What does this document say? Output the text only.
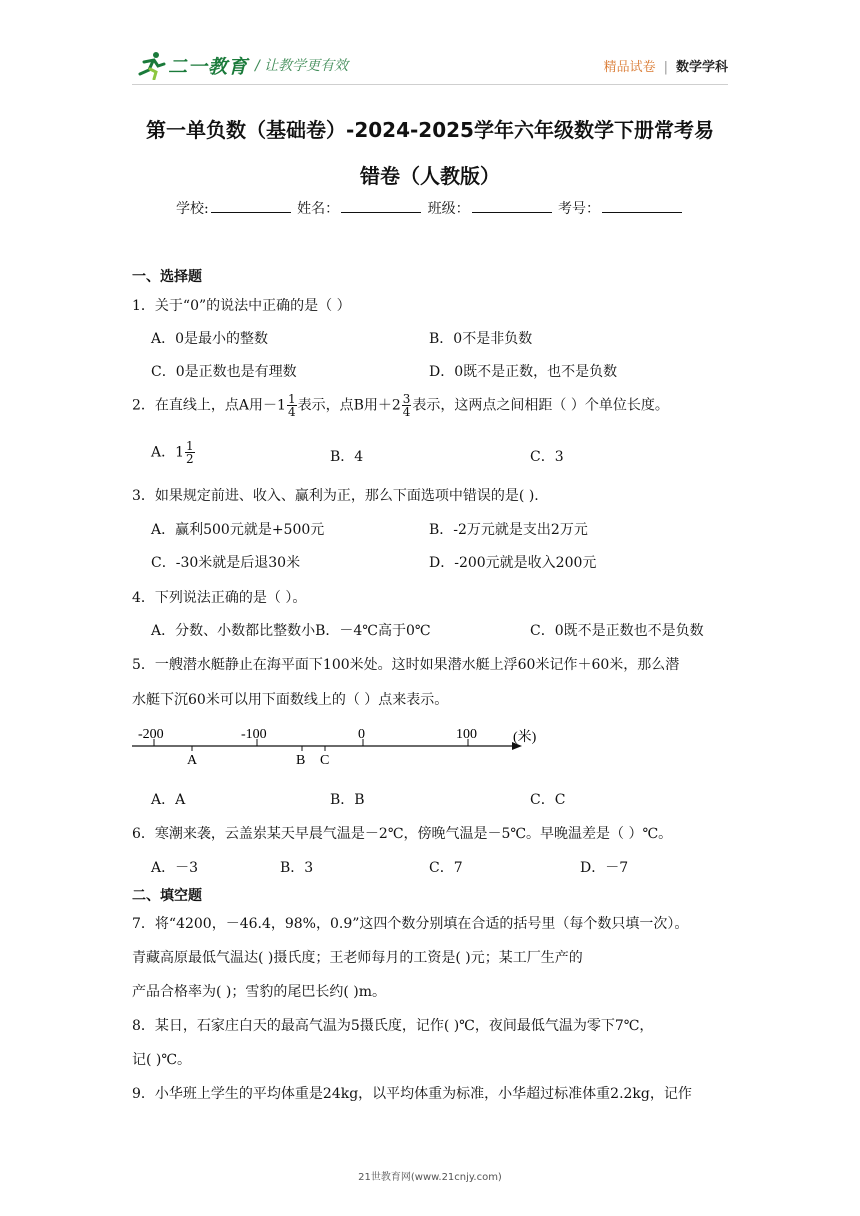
二一教育 / 让教学更有效	精品试卷 | 数学学科
第一单负数（基础卷）-2024-2025学年六年级数学下册常考易
错卷（人教版）
学校:	姓名：	班级：	考号：
一、选择题
1．关于“0”的说法中正确的是（ ）
A．0是最小的整数	B．0不是非负数
C．0是正数也是有理数	D．0既不是正数，也不是负数
2．在直线上，点A用$-1 \frac{1}{4}$ 表示，点B用$+2 \frac{3}{4}$ 表示，这两点之间相距（ ）个单位长度。
A．$1 \frac{1}{2}$	B．4	C．3
3．如果规定前进、收入、赢利为正，那么下面选项中错误的是( ).
A．赢利500元就是+500元	B．-2万元就是支出2万元
C．-30米就是后退30米	D．-200元就是收入200元
4．下列说法正确的是（ ）。
A．分数、小数都比整数小B．－4℃高于0℃	C．0既不是正数也不是负数
5．一艘潜水艇静止在海平面下100米处。这时如果潜水艇上浮60米记作＋60米，那么潜
水艇下沉60米可以用下面数线上的（ ）点来表示。
-200	-100	0	100	(米)
A	B C
A．A	B．B	C．C
6．寒潮来袭，云盖岽某天早晨气温是－2℃，傍晚气温是－5℃。早晚温差是（ ）℃。
A．－3	B．3	C．7	D．－7
二、填空题
7．将“4200，－46.4，98%，0.9”这四个数分别填在合适的括号里（每个数只填一次）。
青藏高原最低气温达( )摄氏度；王老师每月的工资是( )元；某工厂生产的
产品合格率为( )；雪豹的尾巴长约( )m。
8．某日，石家庄白天的最高气温为5摄氏度，记作( )℃，夜间最低气温为零下7℃，
记( )℃。
9．小华班上学生的平均体重是24kg，以平均体重为标准，小华超过标准体重2.2kg，记作
21世教育网(www.21cnjy.com)
